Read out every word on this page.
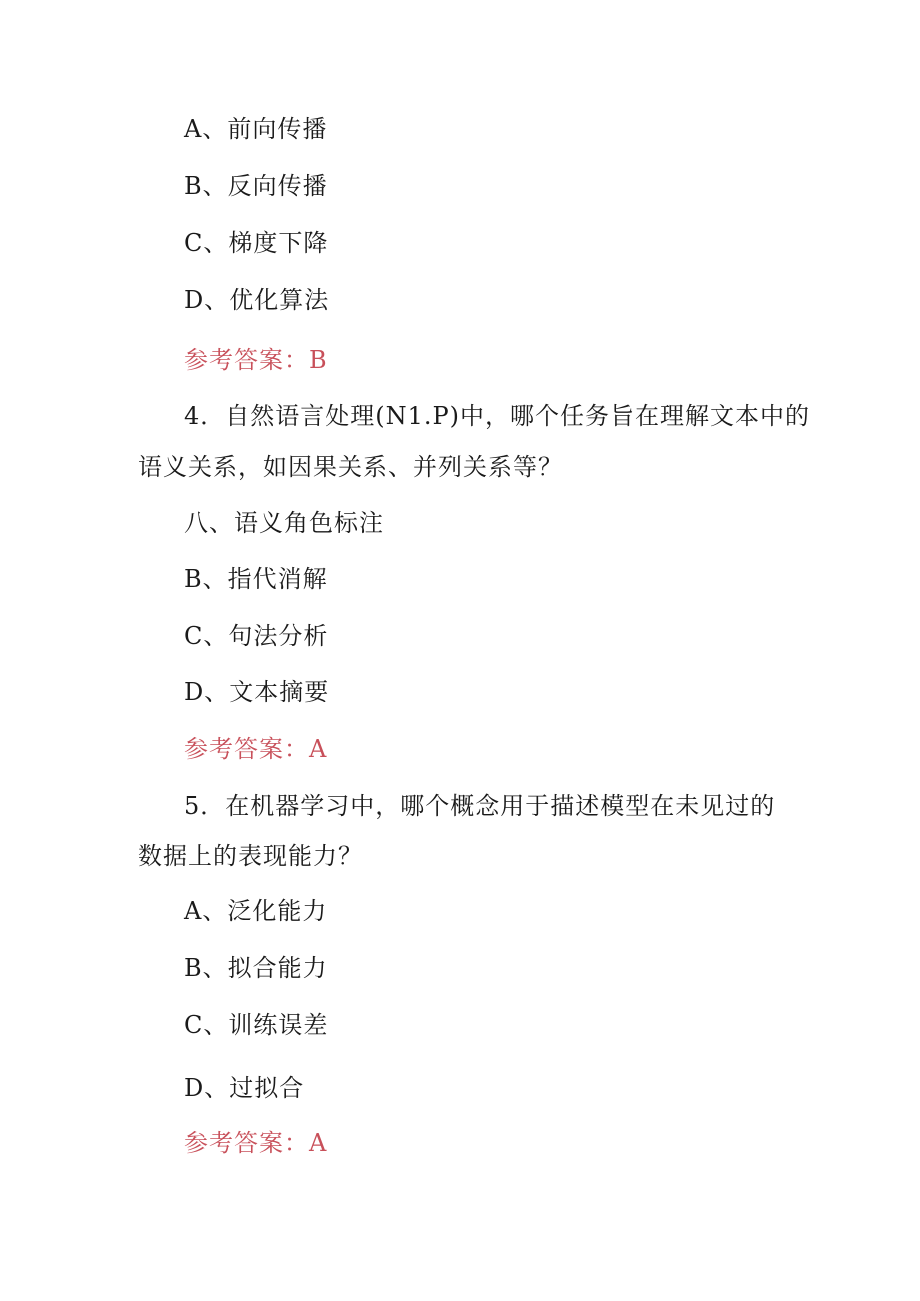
A、前向传播
B、反向传播
C、梯度下降
D、优化算法
参考答案：B
4．自然语言处理(N1.P)中，哪个任务旨在理解文本中的
语义关系，如因果关系、并列关系等？
八、语义角色标注
B、指代消解
C、句法分析
D、文本摘要
参考答案：A
5．在机器学习中，哪个概念用于描述模型在未见过的
数据上的表现能力？
A、泛化能力
B、拟合能力
C、训练误差
D、过拟合
参考答案：A
